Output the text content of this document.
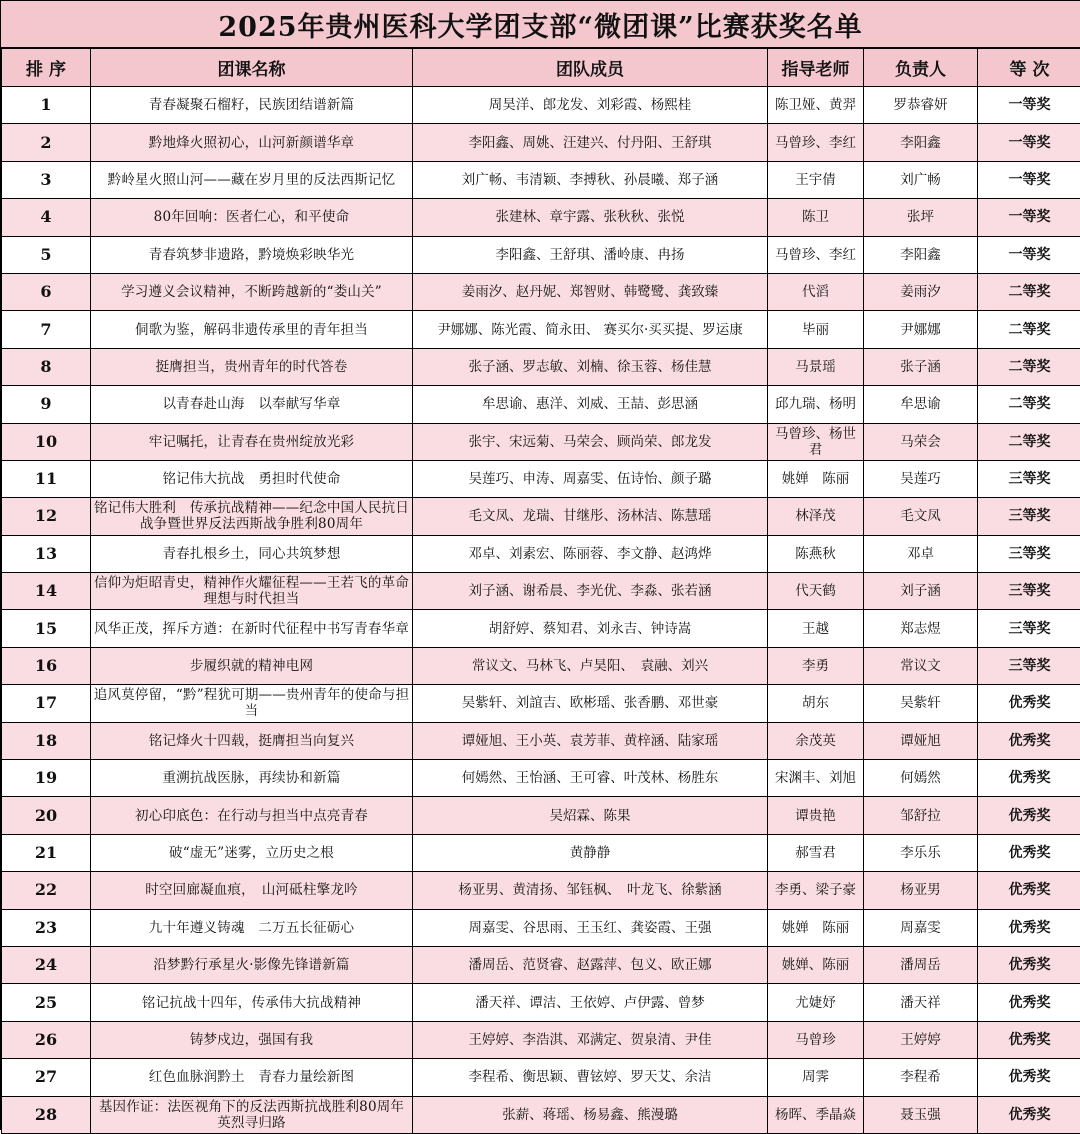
2025年贵州医科大学团支部“微团课”比赛获奖名单
排 序	团课名称	团队成员	指导老师	负责人	等 次
1	青春凝聚石榴籽，民族团结谱新篇	周昊洋、郎龙发、刘彩霞、杨熙桂	陈卫娅、黄羿	罗恭睿妍	一等奖
2	黔地烽火照初心，山河新颜谱华章	李阳鑫、周姚、汪建兴、付丹阳、王舒琪	马曾珍、李红	李阳鑫	一等奖
3	黔岭星火照山河——藏在岁月里的反法西斯记忆	刘广畅、韦清颖、李搏秋、孙晨曦、郑子涵	王宇倩	刘广畅	一等奖
4	80年回响：医者仁心，和平使命	张建林、章宇露、张秋秋、张悦	陈卫	张坪	一等奖
5	青春筑梦非遗路，黔境焕彩映华光	李阳鑫、王舒琪、潘岭康、冉扬	马曾珍、李红	李阳鑫	一等奖
6	学习遵义会议精神，不断跨越新的“娄山关”	姜雨汐、赵丹妮、郑智财、韩鹭鹭、龚致臻	代滔	姜雨汐	二等奖
7	侗歌为鉴，解码非遗传承里的青年担当	尹娜娜、陈光霞、简永田、 赛买尔·买买提、罗运康	毕丽	尹娜娜	二等奖
8	挺膺担当，贵州青年的时代答卷	张子涵、罗志敏、刘楠、徐玉蓉、杨佳慧	马景瑶	张子涵	二等奖
9	以青春赴山海　以奉献写华章	牟思谕、惠洋、刘威、王喆、彭思涵	邱九瑞、杨明	牟思谕	二等奖
10	牢记嘱托，让青春在贵州绽放光彩	张宇、宋远菊、马荣会、顾尚荣、郎龙发	马曾珍、杨世君	马荣会	二等奖
11	铭记伟大抗战　勇担时代使命	吴莲巧、申涛、周嘉雯、伍诗怡、颜子璐	姚婵　陈丽	吴莲巧	三等奖
12	铭记伟大胜利　传承抗战精神——纪念中国人民抗日战争暨世界反法西斯战争胜利80周年	毛文凤、龙瑞、甘继彤、汤林洁、陈慧瑶	林泽茂	毛文凤	三等奖
13	青春扎根乡土，同心共筑梦想	邓卓、刘素宏、陈丽蓉、李文静、赵鸿烨	陈燕秋	邓卓	三等奖
14	信仰为炬昭青史，精神作火耀征程——王若飞的革命理想与时代担当	刘子涵、谢希晨、李光优、李淼、张若涵	代天鹤	刘子涵	三等奖
15	风华正茂，挥斥方遒：在新时代征程中书写青春华章	胡舒婷、蔡知君、刘永吉、钟诗嵩	王越	郑志煜	三等奖
16	步履织就的精神电网	常议文、马林飞、卢昊阳、　袁融、刘兴	李勇	常议文	三等奖
17	追风莫停留，“黔”程犹可期——贵州青年的使命与担当	吴紫轩、刘誼吉、欧彬瑶、张香鹏、邓世豪	胡东	吴紫轩	优秀奖
18	铭记烽火十四载，挺膺担当向复兴	谭娅旭、王小英、袁芳菲、黄梓涵、陆家瑶	余茂英	谭娅旭	优秀奖
19	重溯抗战医脉，再续协和新篇	何嫣然、王怡涵、王可睿、叶茂林、杨胜东	宋渊丰、刘旭	何嫣然	优秀奖
20	初心印底色：在行动与担当中点亮青春	吴炤霖、陈果	谭贵艳	邹舒拉	优秀奖
21	破“虚无”迷雾，立历史之根	黄静静	郝雪君	李乐乐	优秀奖
22	时空回廊凝血痕，　山河砥柱擎龙吟	杨亚男、黄清扬、邹钰枫、　叶龙飞、徐紫涵	李勇、梁子豪	杨亚男	优秀奖
23	九十年遵义铸魂　二万五长征砺心	周嘉雯、谷思雨、王玉红、龚姿霞、王强	姚婵　陈丽	周嘉雯	优秀奖
24	沿梦黔行承星火·影像先锋谱新篇	潘周岳、范贤睿、赵露萍、包义、欧正娜	姚婵、陈丽	潘周岳	优秀奖
25	铭记抗战十四年，传承伟大抗战精神	潘天祥、谭洁、王依婷、卢伊露、曾梦	尤婕妤	潘天祥	优秀奖
26	铸梦戍边，强国有我	王婷婷、李浩淇、邓满定、贺泉清、尹佳	马曾珍	王婷婷	优秀奖
27	红色血脉润黔土　青春力量绘新图	李程希、衡思颖、曹铉婷、罗天艾、余洁	周霁	李程希	优秀奖
28	基因作证：法医视角下的反法西斯抗战胜利80周年英烈寻归路	张薪、蒋瑶、杨易鑫、熊漫璐	杨晖、季晶焱	聂玉强	优秀奖
